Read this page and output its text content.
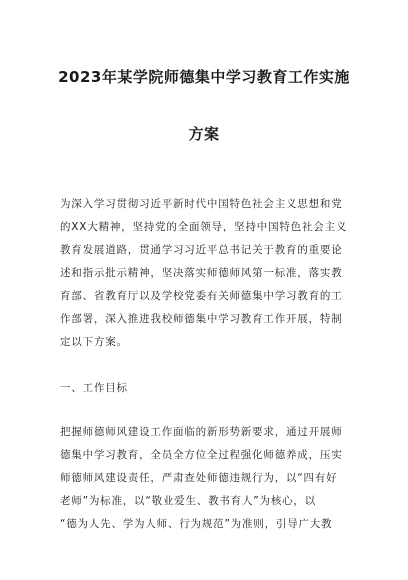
2023年某学院师德集中学习教育工作实施
方案
为深入学习贯彻习近平新时代中国特色社会主义思想和党
的XX大精神，坚持党的全面领导，坚持中国特色社会主义
教育发展道路，贯通学习习近平总书记关于教育的重要论
述和指示批示精神，坚决落实师德师风第一标准，落实教
育部、省教育厅以及学校党委有关师德集中学习教育的工
作部署，深入推进我校师德集中学习教育工作开展，特制
定以下方案。
一、工作目标
把握师德师风建设工作面临的新形势新要求，通过开展师
德集中学习教育，全员全方位全过程强化师德养成，压实
师德师风建设责任，严肃查处师德违规行为，以“四有好
老师”为标准，以“敬业爱生、教书育人”为核心，以
“德为人先、学为人师、行为规范”为准则，引导广大教
